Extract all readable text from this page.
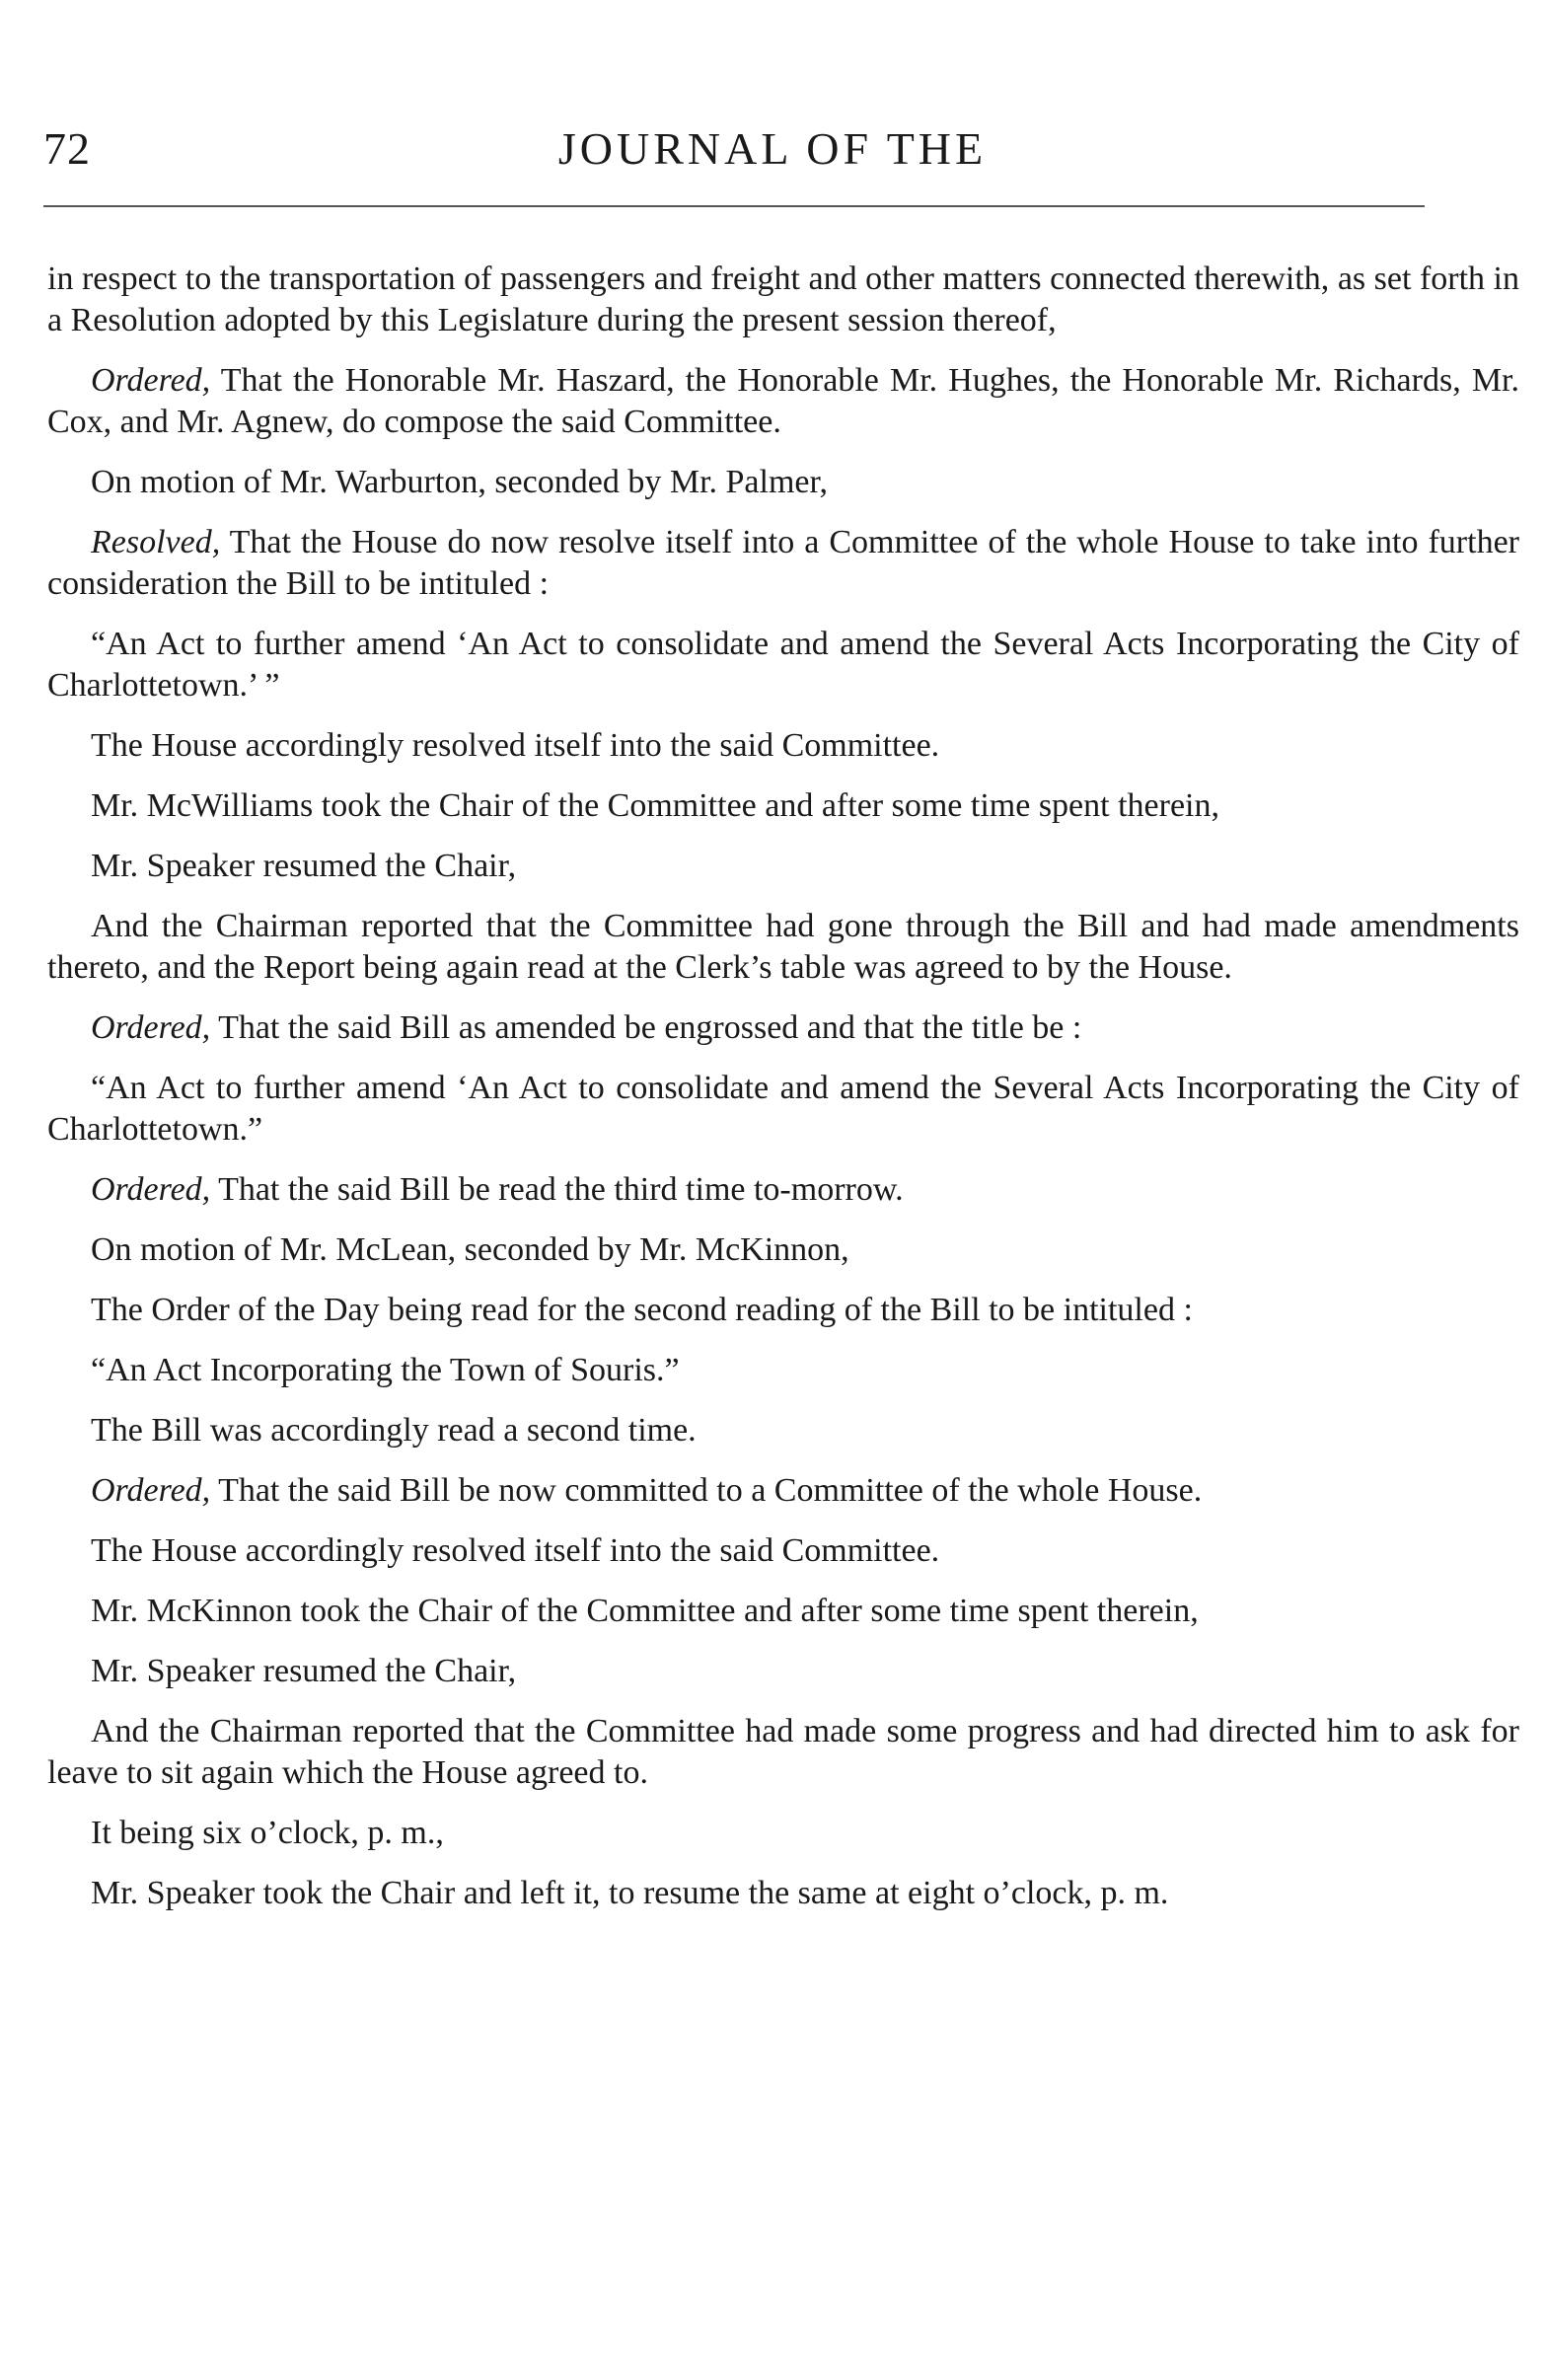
72	JOURNAL OF THE

in respect to the transportation of passengers and freight and other matters connected therewith, as set forth in a Resolution adopted by this Legislature during the present session thereof,

Ordered, That the Honorable Mr. Haszard, the Honorable Mr. Hughes, the Honorable Mr. Richards, Mr. Cox, and Mr. Agnew, do compose the said Committee.

On motion of Mr. Warburton, seconded by Mr. Palmer,

Resolved, That the House do now resolve itself into a Committee of the whole House to take into further consideration the Bill to be intituled :

“An Act to further amend ‘An Act to consolidate and amend the Several Acts Incorporating the City of Charlottetown.’ ”

The House accordingly resolved itself into the said Committee.

Mr. McWilliams took the Chair of the Committee and after some time spent therein,

Mr. Speaker resumed the Chair,

And the Chairman reported that the Committee had gone through the Bill and had made amendments thereto, and the Report being again read at the Clerk’s table was agreed to by the House.

Ordered, That the said Bill as amended be engrossed and that the title be :

“An Act to further amend ‘An Act to consolidate and amend the Several Acts Incorporating the City of Charlottetown.”

Ordered, That the said Bill be read the third time to-morrow.

On motion of Mr. McLean, seconded by Mr. McKinnon,

The Order of the Day being read for the second reading of the Bill to be intituled :

“An Act Incorporating the Town of Souris.”

The Bill was accordingly read a second time.

Ordered, That the said Bill be now committed to a Committee of the whole House.

The House accordingly resolved itself into the said Committee.

Mr. McKinnon took the Chair of the Committee and after some time spent therein,

Mr. Speaker resumed the Chair,

And the Chairman reported that the Committee had made some progress and had directed him to ask for leave to sit again which the House agreed to.

It being six o’clock, p. m.,

Mr. Speaker took the Chair and left it, to resume the same at eight o’clock, p. m.
